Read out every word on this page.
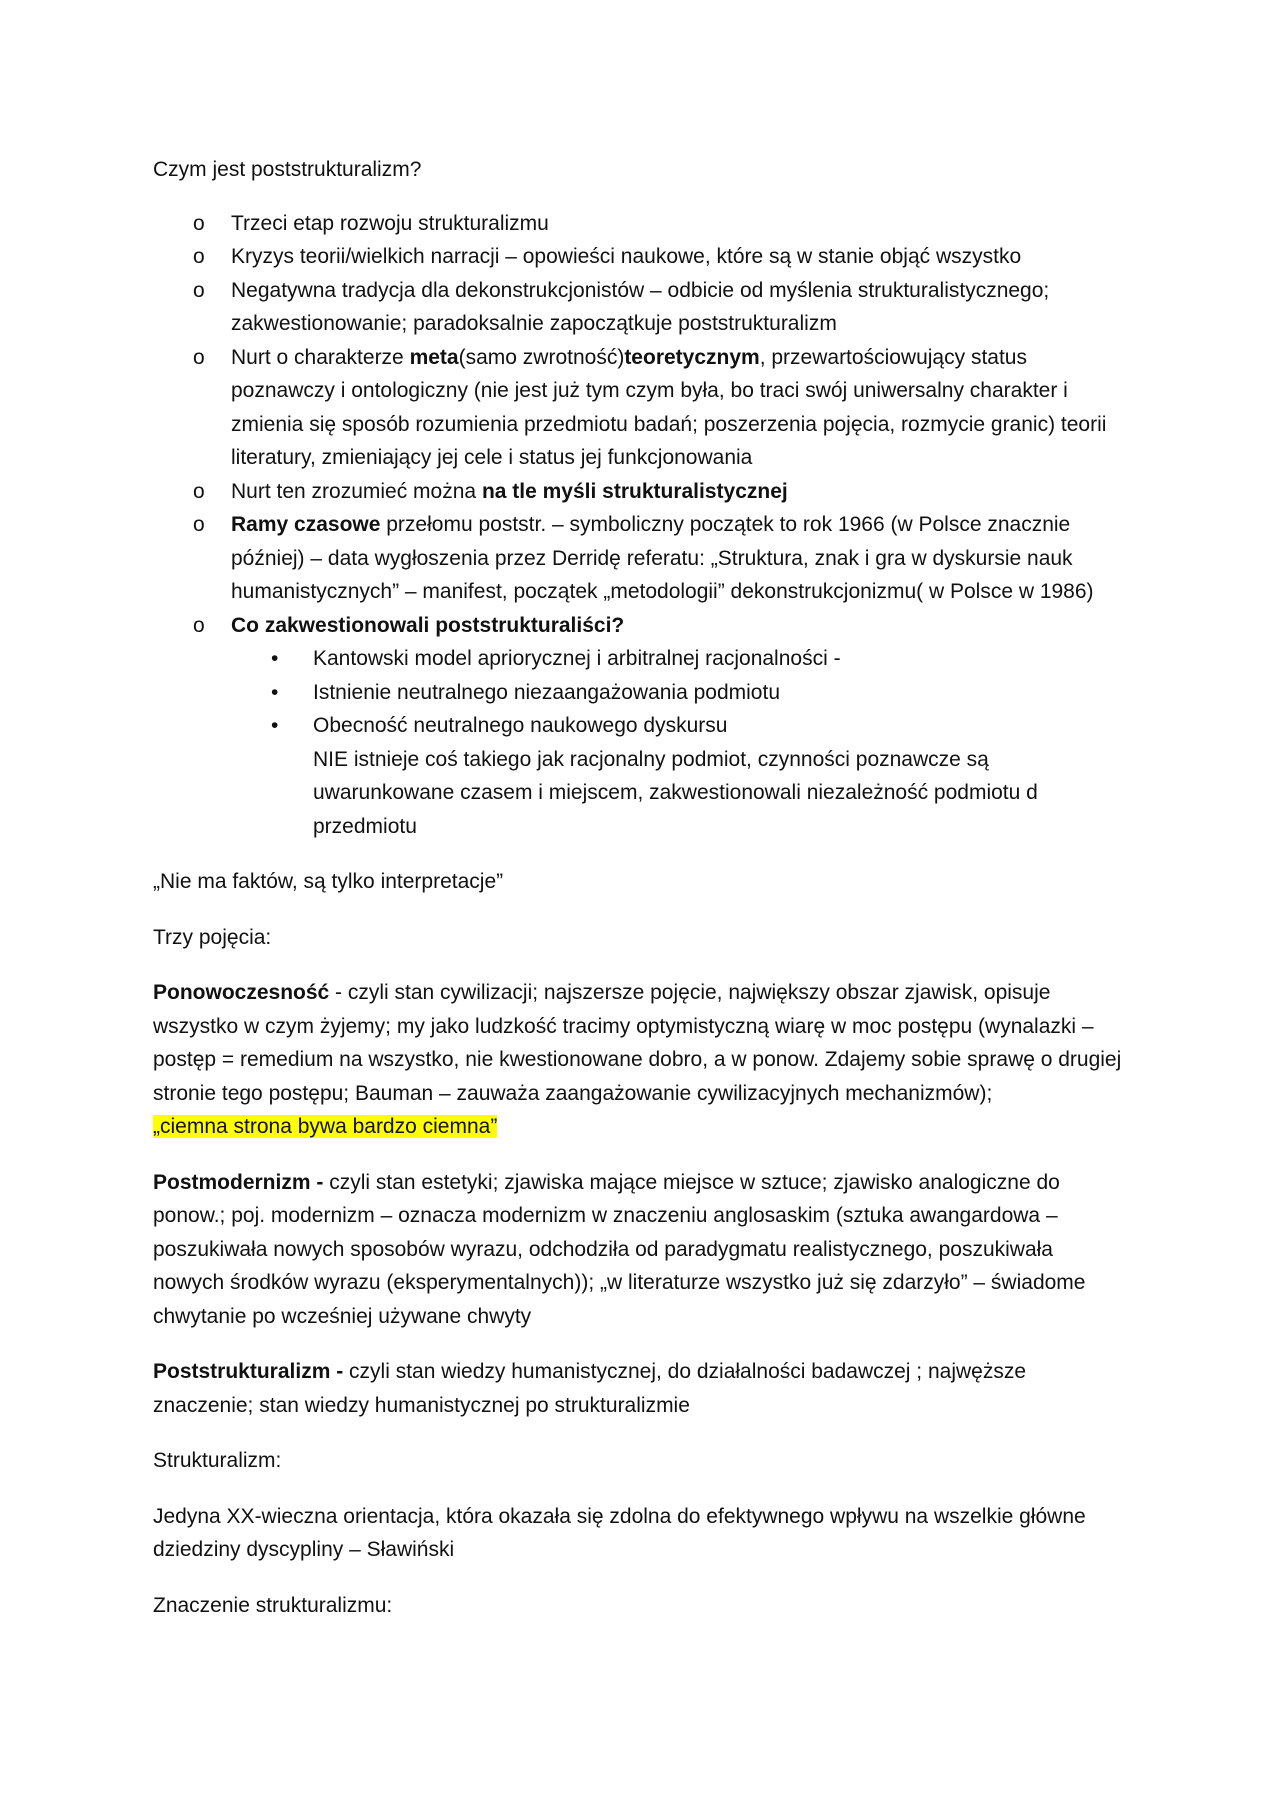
Czym jest poststrukturalizm?

o Trzeci etap rozwoju strukturalizmu
o Kryzys teorii/wielkich narracji – opowieści naukowe, które są w stanie objąć wszystko
o Negatywna tradycja dla dekonstrukcjonistów – odbicie od myślenia strukturalistycznego; zakwestionowanie; paradoksalnie zapoczątkuje poststrukturalizm
o Nurt o charakterze meta(samo zwrotność)teoretycznym, przewartościowujący status poznawczy i ontologiczny (nie jest już tym czym była, bo traci swój uniwersalny charakter i zmienia się sposób rozumienia przedmiotu badań; poszerzenia pojęcia, rozmycie granic) teorii literatury, zmieniający jej cele i status jej funkcjonowania
o Nurt ten zrozumieć można na tle myśli strukturalistycznej
o Ramy czasowe przełomu poststr. – symboliczny początek to rok 1966 (w Polsce znacznie później) – data wygłoszenia przez Derridę referatu: „Struktura, znak i gra w dyskursie nauk humanistycznych” – manifest, początek „metodologii” dekonstrukcjonizmu( w Polsce w 1986)
o Co zakwestionowali poststrukturaliści?
• Kantowski model apriorycznej i arbitralnej racjonalności -
• Istnienie neutralnego niezaangażowania podmiotu
• Obecność neutralnego naukowego dyskursu
NIE istnieje coś takiego jak racjonalny podmiot, czynności poznawcze są uwarunkowane czasem i miejscem, zakwestionowali niezależność podmiotu d przedmiotu

„Nie ma faktów, są tylko interpretacje”

Trzy pojęcia:

Ponowoczesność - czyli stan cywilizacji; najszersze pojęcie, największy obszar zjawisk, opisuje wszystko w czym żyjemy; my jako ludzkość tracimy optymistyczną wiarę w moc postępu (wynalazki – postęp = remedium na wszystko, nie kwestionowane dobro, a w ponow. Zdajemy sobie sprawę o drugiej stronie tego postępu; Bauman – zauważa zaangażowanie cywilizacyjnych mechanizmów);
„ciemna strona bywa bardzo ciemna”

Postmodernizm - czyli stan estetyki; zjawiska mające miejsce w sztuce; zjawisko analogiczne do ponow.; poj. modernizm – oznacza modernizm w znaczeniu anglosaskim (sztuka awangardowa – poszukiwała nowych sposobów wyrazu, odchodziła od paradygmatu realistycznego, poszukiwała nowych środków wyrazu (eksperymentalnych)); „w literaturze wszystko już się zdarzyło” – świadome chwytanie po wcześniej używane chwyty

Poststrukturalizm - czyli stan wiedzy humanistycznej, do działalności badawczej ; najwęższe znaczenie; stan wiedzy humanistycznej po strukturalizmie

Strukturalizm:

Jedyna XX-wieczna orientacja, która okazała się zdolna do efektywnego wpływu na wszelkie główne dziedziny dyscypliny – Sławiński

Znaczenie strukturalizmu:
